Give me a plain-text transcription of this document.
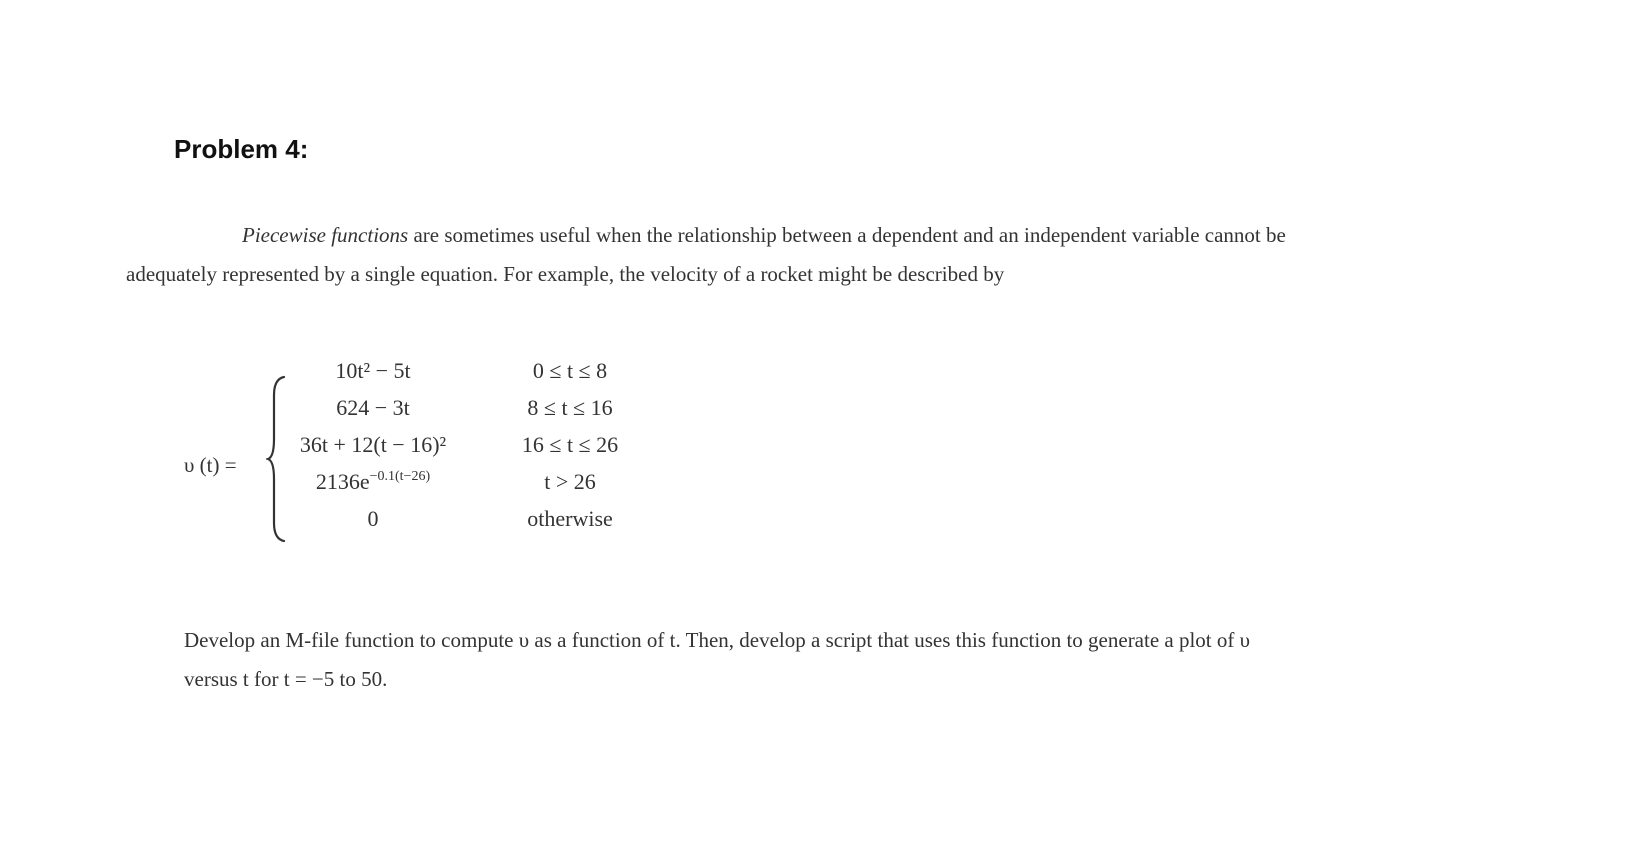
Problem 4:
Piecewise functions are sometimes useful when the relationship between a dependent and an independent variable cannot be
adequately represented by a single equation. For example, the velocity of a rocket might be described by
υ (t) =
10t² − 5t	0 ≤ t ≤ 8
624 − 3t	8 ≤ t ≤ 16
36t + 12(t − 16)²	16 ≤ t ≤ 26
$2136e^{-0.1(t-26)}$	t > 26
0	otherwise
Develop an M-file function to compute υ as a function of t. Then, develop a script that uses this function to generate a plot of υ
versus t for t = −5 to 50.
